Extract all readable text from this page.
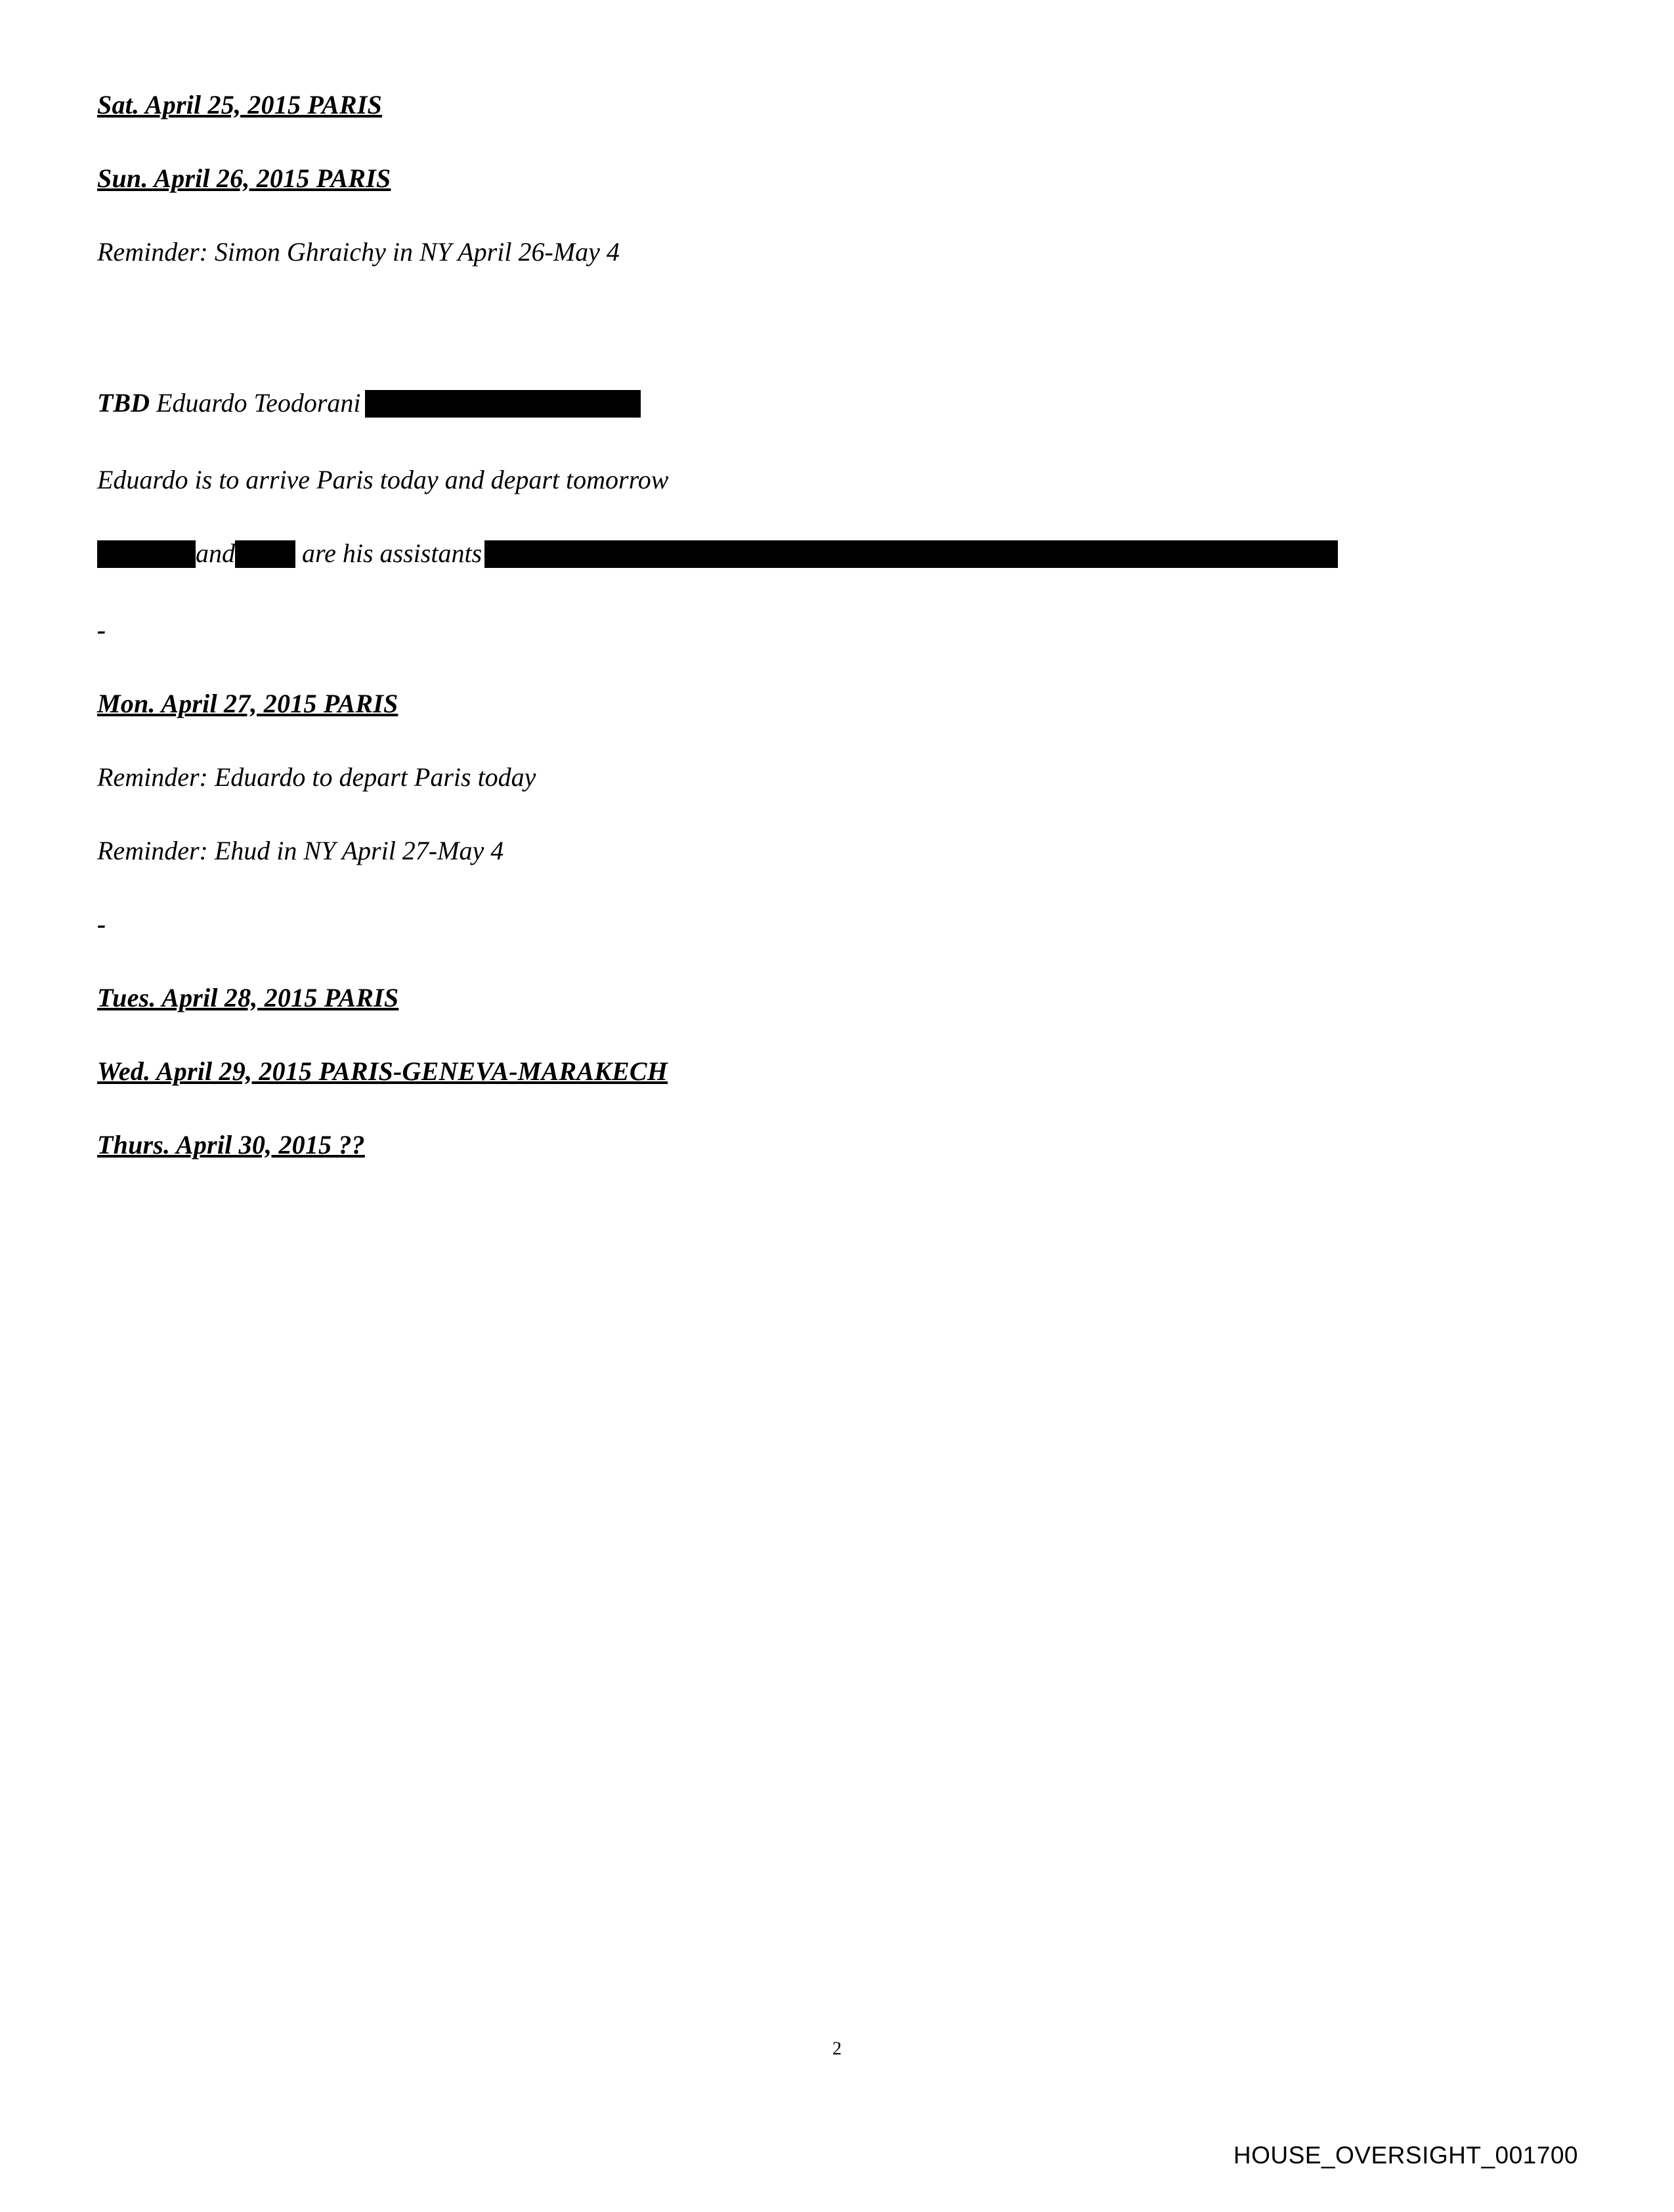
Sat. April 25, 2015 PARIS

Sun. April 26, 2015 PARIS

Reminder: Simon Ghraichy in NY April 26-May 4

TBD Eduardo Teodorani

Eduardo is to arrive Paris today and depart tomorrow

and	are his assistants

-

Mon. April 27, 2015 PARIS

Reminder: Eduardo to depart Paris today

Reminder: Ehud in NY April 27-May 4

-

Tues. April 28, 2015 PARIS

Wed. April 29, 2015 PARIS-GENEVA-MARAKECH

Thurs. April 30, 2015 ??

2
HOUSE_OVERSIGHT_001700
